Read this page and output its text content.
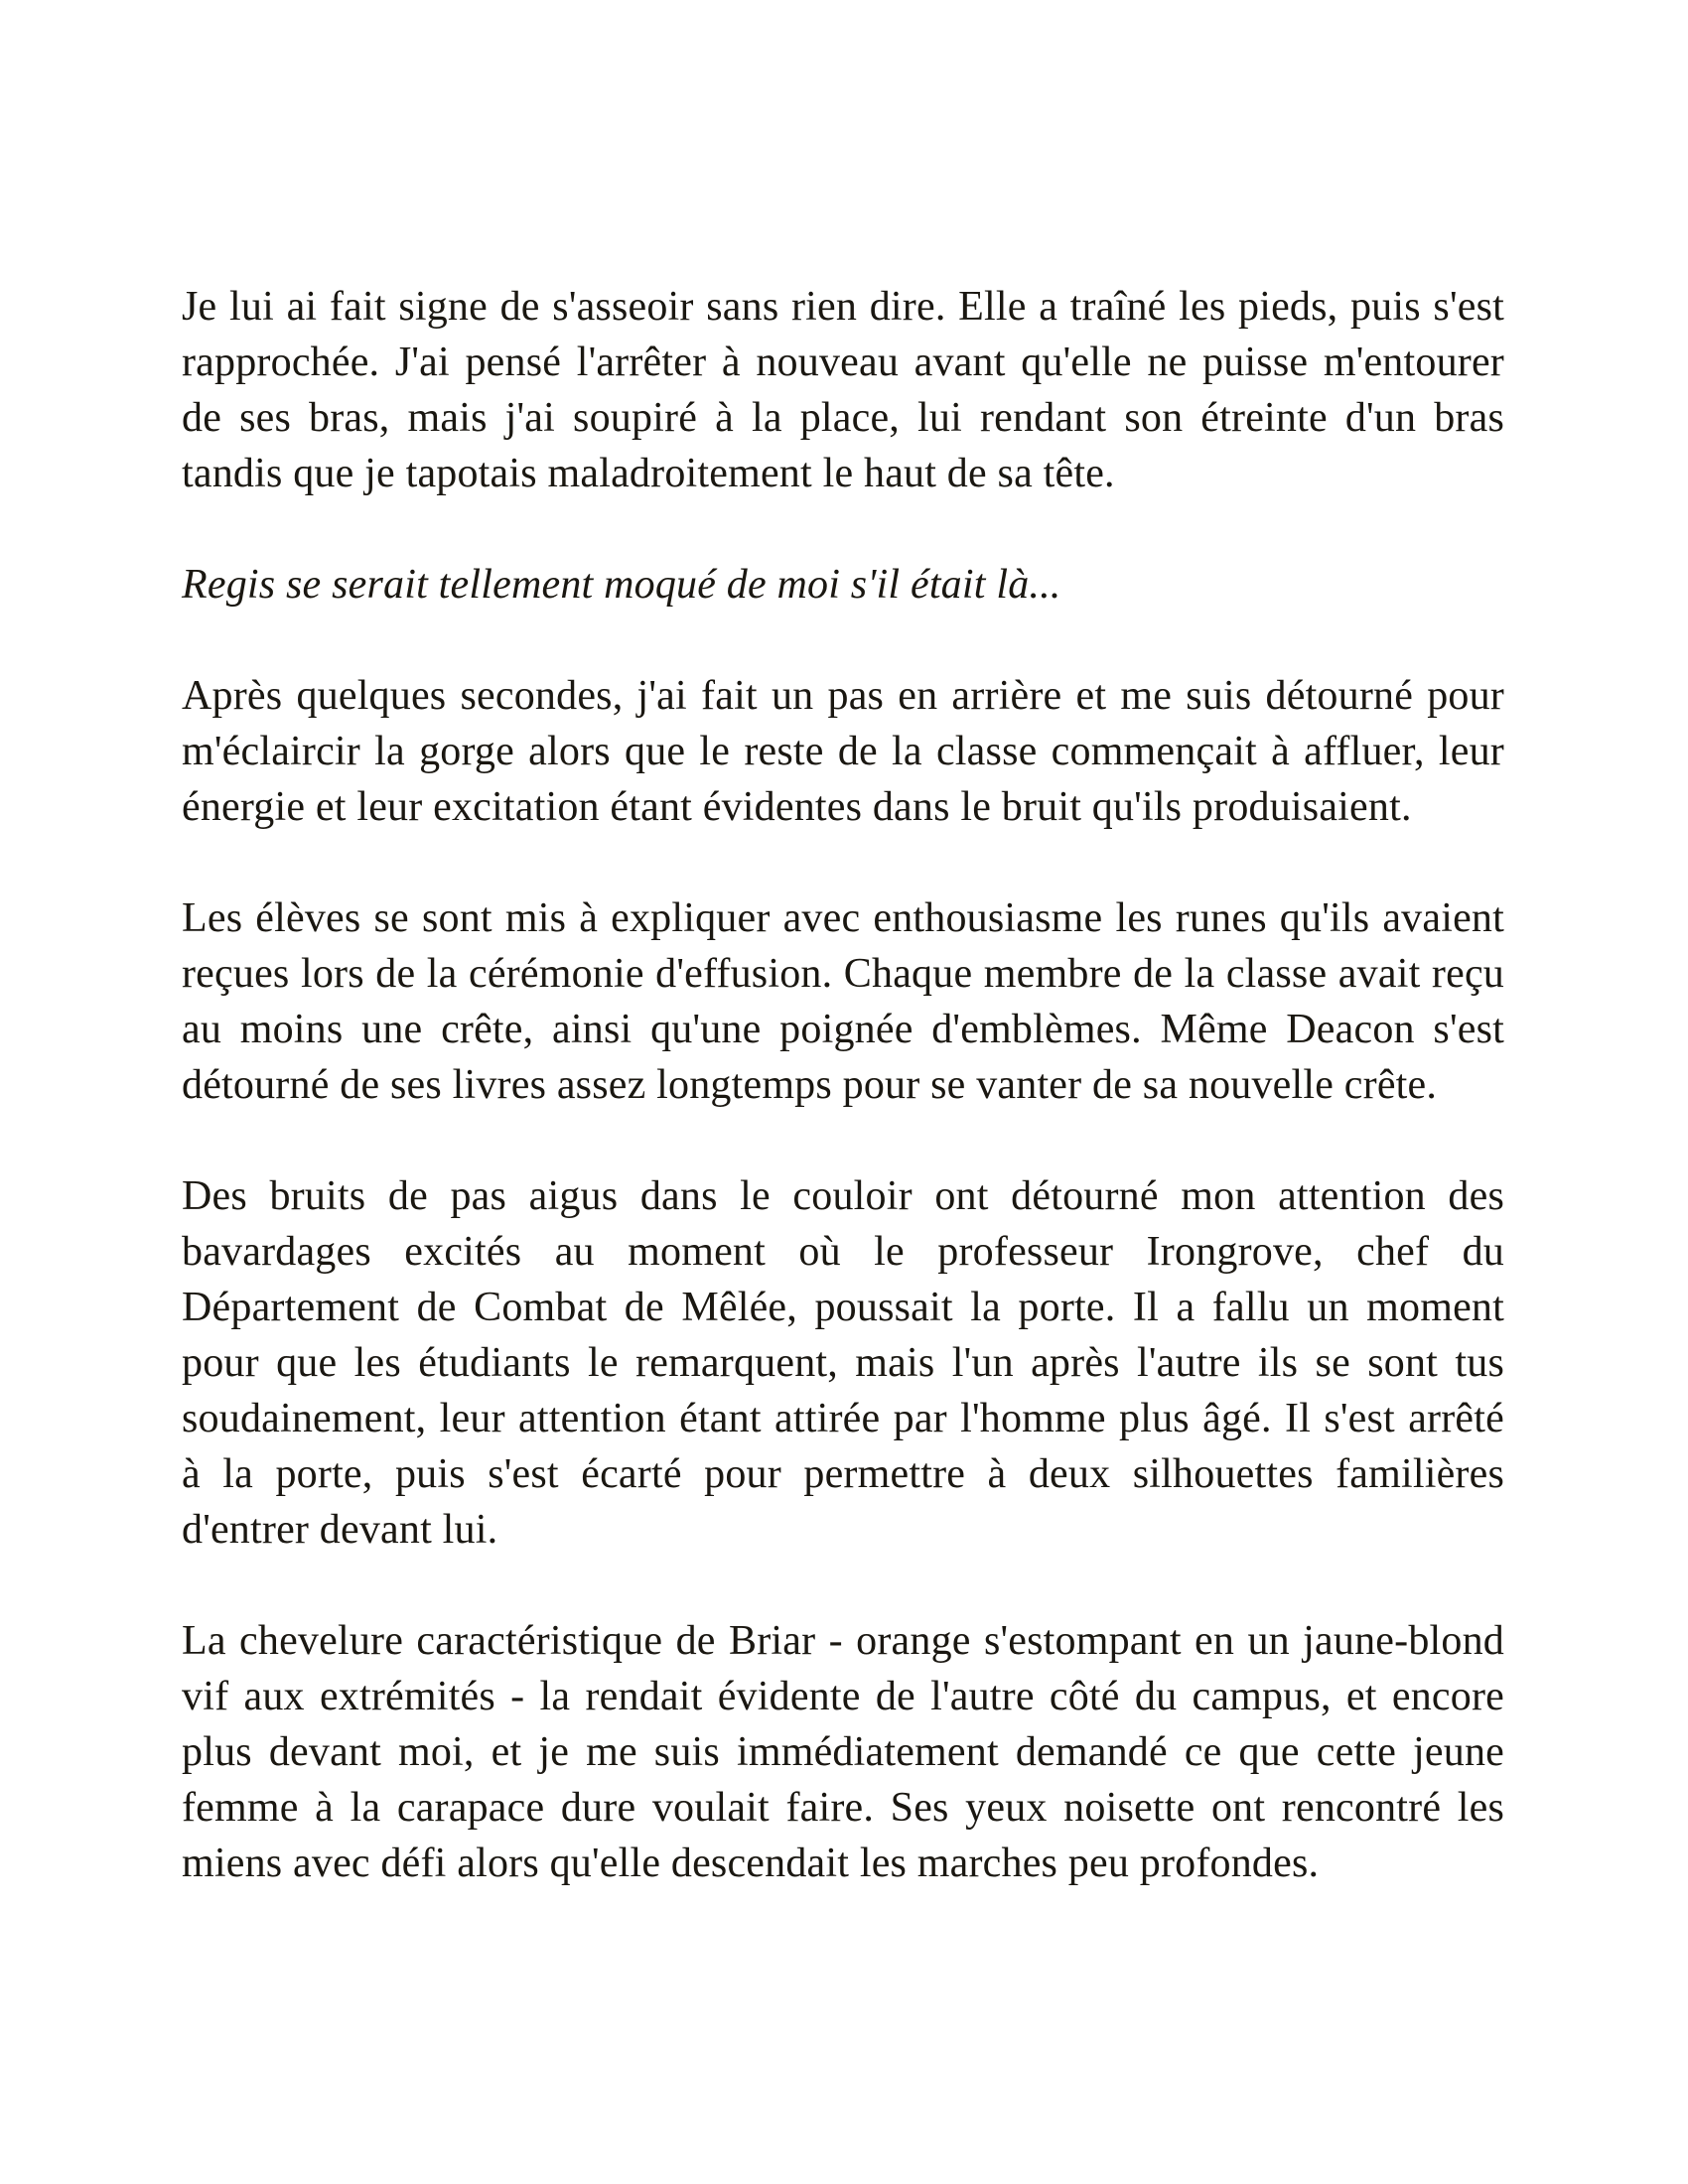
Je lui ai fait signe de s'asseoir sans rien dire. Elle a traîné les pieds, puis s'est rapprochée. J'ai pensé l'arrêter à nouveau avant qu'elle ne puisse m'entourer de ses bras, mais j'ai soupiré à la place, lui rendant son étreinte d'un bras tandis que je tapotais maladroitement le haut de sa tête.

Regis se serait tellement moqué de moi s'il était là...

Après quelques secondes, j'ai fait un pas en arrière et me suis détourné pour m'éclaircir la gorge alors que le reste de la classe commençait à affluer, leur énergie et leur excitation étant évidentes dans le bruit qu'ils produisaient.

Les élèves se sont mis à expliquer avec enthousiasme les runes qu'ils avaient reçues lors de la cérémonie d'effusion. Chaque membre de la classe avait reçu au moins une crête, ainsi qu'une poignée d'emblèmes. Même Deacon s'est détourné de ses livres assez longtemps pour se vanter de sa nouvelle crête.

Des bruits de pas aigus dans le couloir ont détourné mon attention des bavardages excités au moment où le professeur Irongrove, chef du Département de Combat de Mêlée, poussait la porte. Il a fallu un moment pour que les étudiants le remarquent, mais l'un après l'autre ils se sont tus soudainement, leur attention étant attirée par l'homme plus âgé. Il s'est arrêté à la porte, puis s'est écarté pour permettre à deux silhouettes familières d'entrer devant lui.

La chevelure caractéristique de Briar - orange s'estompant en un jaune-blond vif aux extrémités - la rendait évidente de l'autre côté du campus, et encore plus devant moi, et je me suis immédiatement demandé ce que cette jeune femme à la carapace dure voulait faire. Ses yeux noisette ont rencontré les miens avec défi alors qu'elle descendait les marches peu profondes.
